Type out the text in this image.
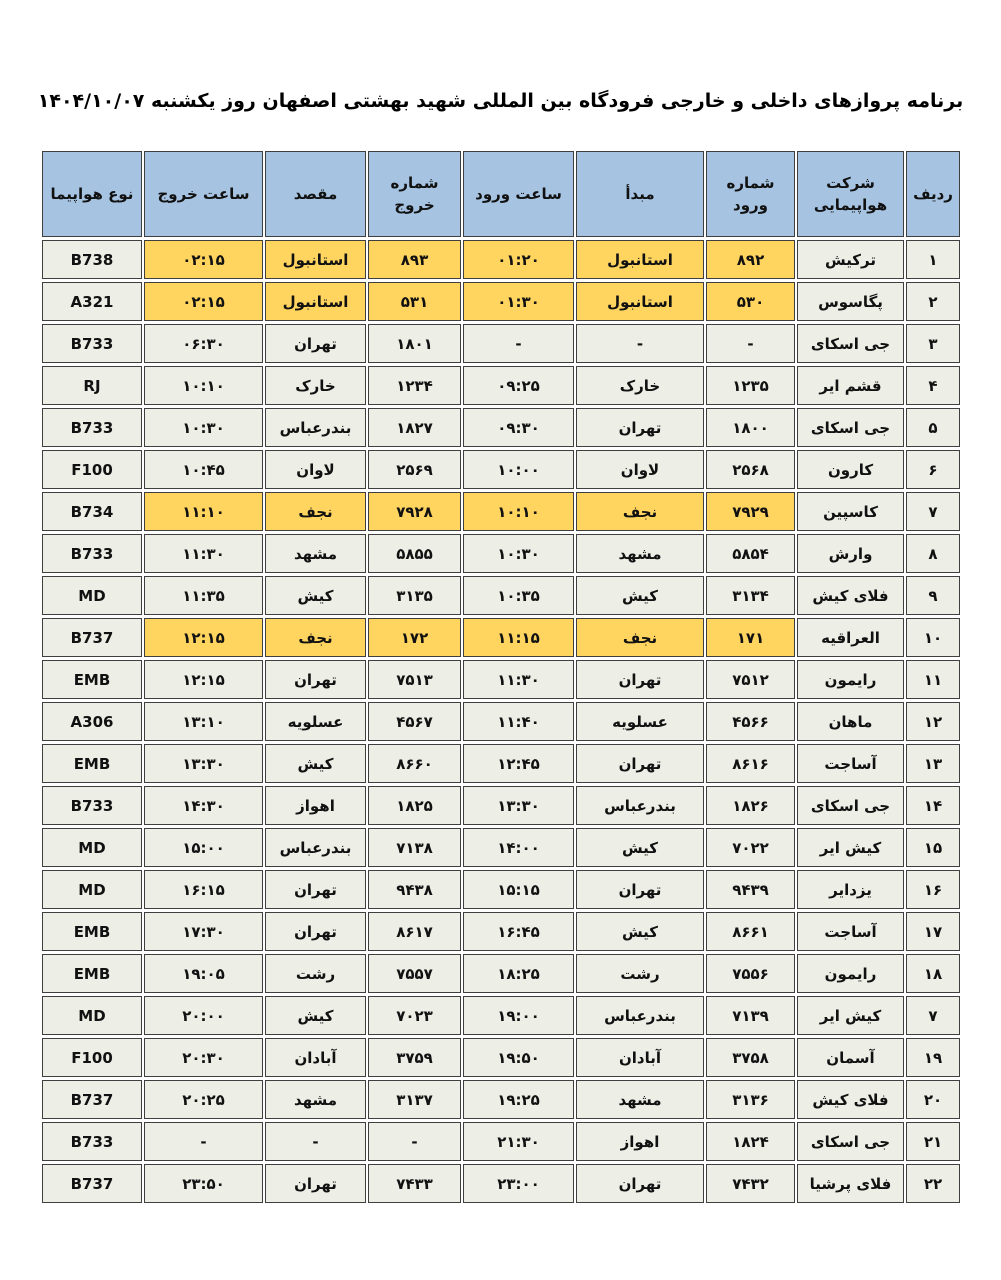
برنامه پروازهای داخلی و خارجی فرودگاه بین المللی شهید بهشتی اصفهان روز یکشنبه ۱۴۰۴/۱۰/۰۷
ردیف	شرکت هواپیمایی	شماره ورود	مبدأ	ساعت ورود	شماره خروج	مقصد	ساعت خروج	نوع هواپیما
۱	ترکیش	۸۹۲	استانبول	۰۱:۲۰	۸۹۳	استانبول	۰۲:۱۵	B738
۲	پگاسوس	۵۳۰	استانبول	۰۱:۳۰	۵۳۱	استانبول	۰۲:۱۵	A321
۳	جی اسکای	-	-	-	۱۸۰۱	تهران	۰۶:۳۰	B733
۴	قشم ایر	۱۲۳۵	خارک	۰۹:۲۵	۱۲۳۴	خارک	۱۰:۱۰	RJ
۵	جی اسکای	۱۸۰۰	تهران	۰۹:۳۰	۱۸۲۷	بندرعباس	۱۰:۳۰	B733
۶	کارون	۲۵۶۸	لاوان	۱۰:۰۰	۲۵۶۹	لاوان	۱۰:۴۵	F100
۷	کاسپین	۷۹۲۹	نجف	۱۰:۱۰	۷۹۲۸	نجف	۱۱:۱۰	B734
۸	وارش	۵۸۵۴	مشهد	۱۰:۳۰	۵۸۵۵	مشهد	۱۱:۳۰	B733
۹	فلای کیش	۳۱۳۴	کیش	۱۰:۳۵	۳۱۳۵	کیش	۱۱:۳۵	MD
۱۰	العراقیه	۱۷۱	نجف	۱۱:۱۵	۱۷۲	نجف	۱۲:۱۵	B737
۱۱	رایمون	۷۵۱۲	تهران	۱۱:۳۰	۷۵۱۳	تهران	۱۲:۱۵	EMB
۱۲	ماهان	۴۵۶۶	عسلویه	۱۱:۴۰	۴۵۶۷	عسلویه	۱۳:۱۰	A306
۱۳	آساجت	۸۶۱۶	تهران	۱۲:۴۵	۸۶۶۰	کیش	۱۳:۳۰	EMB
۱۴	جی اسکای	۱۸۲۶	بندرعباس	۱۳:۳۰	۱۸۲۵	اهواز	۱۴:۳۰	B733
۱۵	کیش ایر	۷۰۲۲	کیش	۱۴:۰۰	۷۱۳۸	بندرعباس	۱۵:۰۰	MD
۱۶	یزدایر	۹۴۳۹	تهران	۱۵:۱۵	۹۴۳۸	تهران	۱۶:۱۵	MD
۱۷	آساجت	۸۶۶۱	کیش	۱۶:۴۵	۸۶۱۷	تهران	۱۷:۳۰	EMB
۱۸	رایمون	۷۵۵۶	رشت	۱۸:۲۵	۷۵۵۷	رشت	۱۹:۰۵	EMB
۷	کیش ایر	۷۱۳۹	بندرعباس	۱۹:۰۰	۷۰۲۳	کیش	۲۰:۰۰	MD
۱۹	آسمان	۳۷۵۸	آبادان	۱۹:۵۰	۳۷۵۹	آبادان	۲۰:۳۰	F100
۲۰	فلای کیش	۳۱۳۶	مشهد	۱۹:۲۵	۳۱۳۷	مشهد	۲۰:۲۵	B737
۲۱	جی اسکای	۱۸۲۴	اهواز	۲۱:۳۰	-	-	-	B733
۲۲	فلای پرشیا	۷۴۳۲	تهران	۲۳:۰۰	۷۴۳۳	تهران	۲۳:۵۰	B737
